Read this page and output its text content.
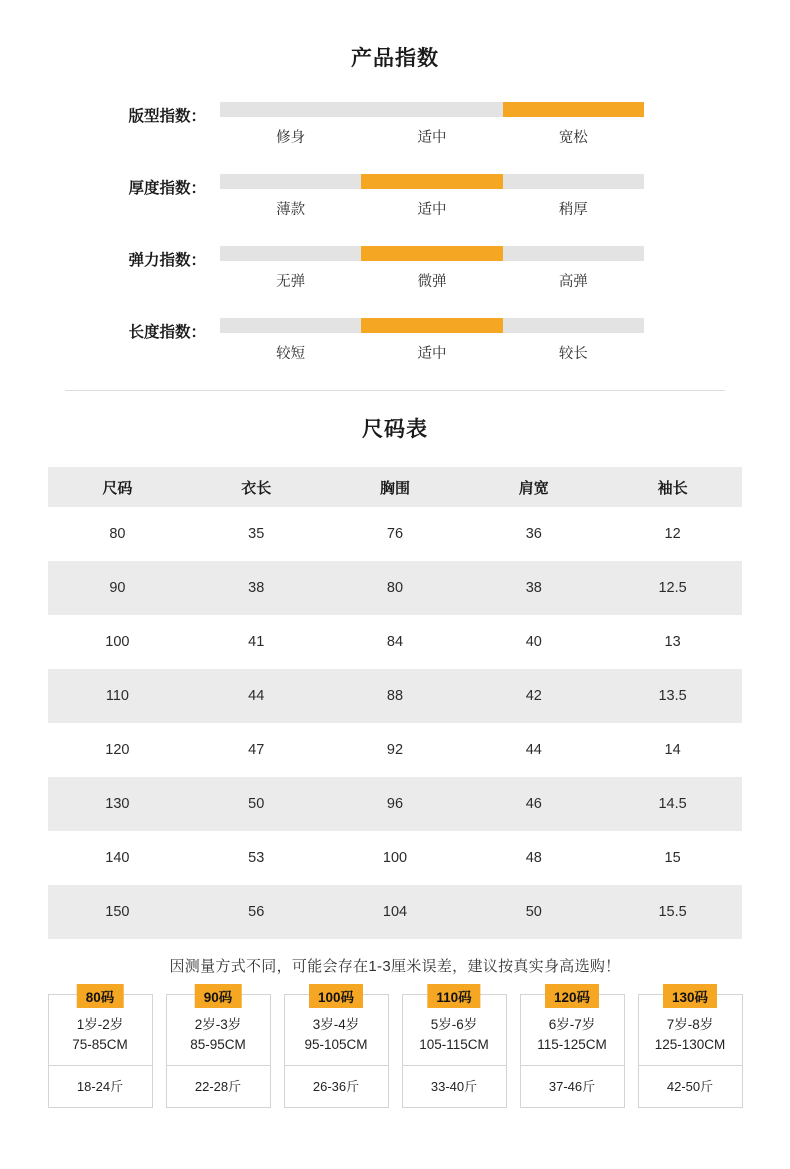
产品指数
版型指数：
修身	适中	宽松
厚度指数：
薄款	适中	稍厚
弹力指数：
无弹	微弹	高弹
长度指数：
较短	适中	较长
尺码表
尺码	衣长	胸围	肩宽	袖长
80	35	76	36	12
90	38	80	38	12.5
100	41	84	40	13
110	44	88	42	13.5
120	47	92	44	14
130	50	96	46	14.5
140	53	100	48	15
150	56	104	50	15.5
因测量方式不同，可能会存在1-3厘米误差，建议按真实身高选购！
80码
1岁-2岁
75-85CM
18-24斤
90码
2岁-3岁
85-95CM
22-28斤
100码
3岁-4岁
95-105CM
26-36斤
110码
5岁-6岁
105-115CM
33-40斤
120码
6岁-7岁
115-125CM
37-46斤
130码
7岁-8岁
125-130CM
42-50斤
